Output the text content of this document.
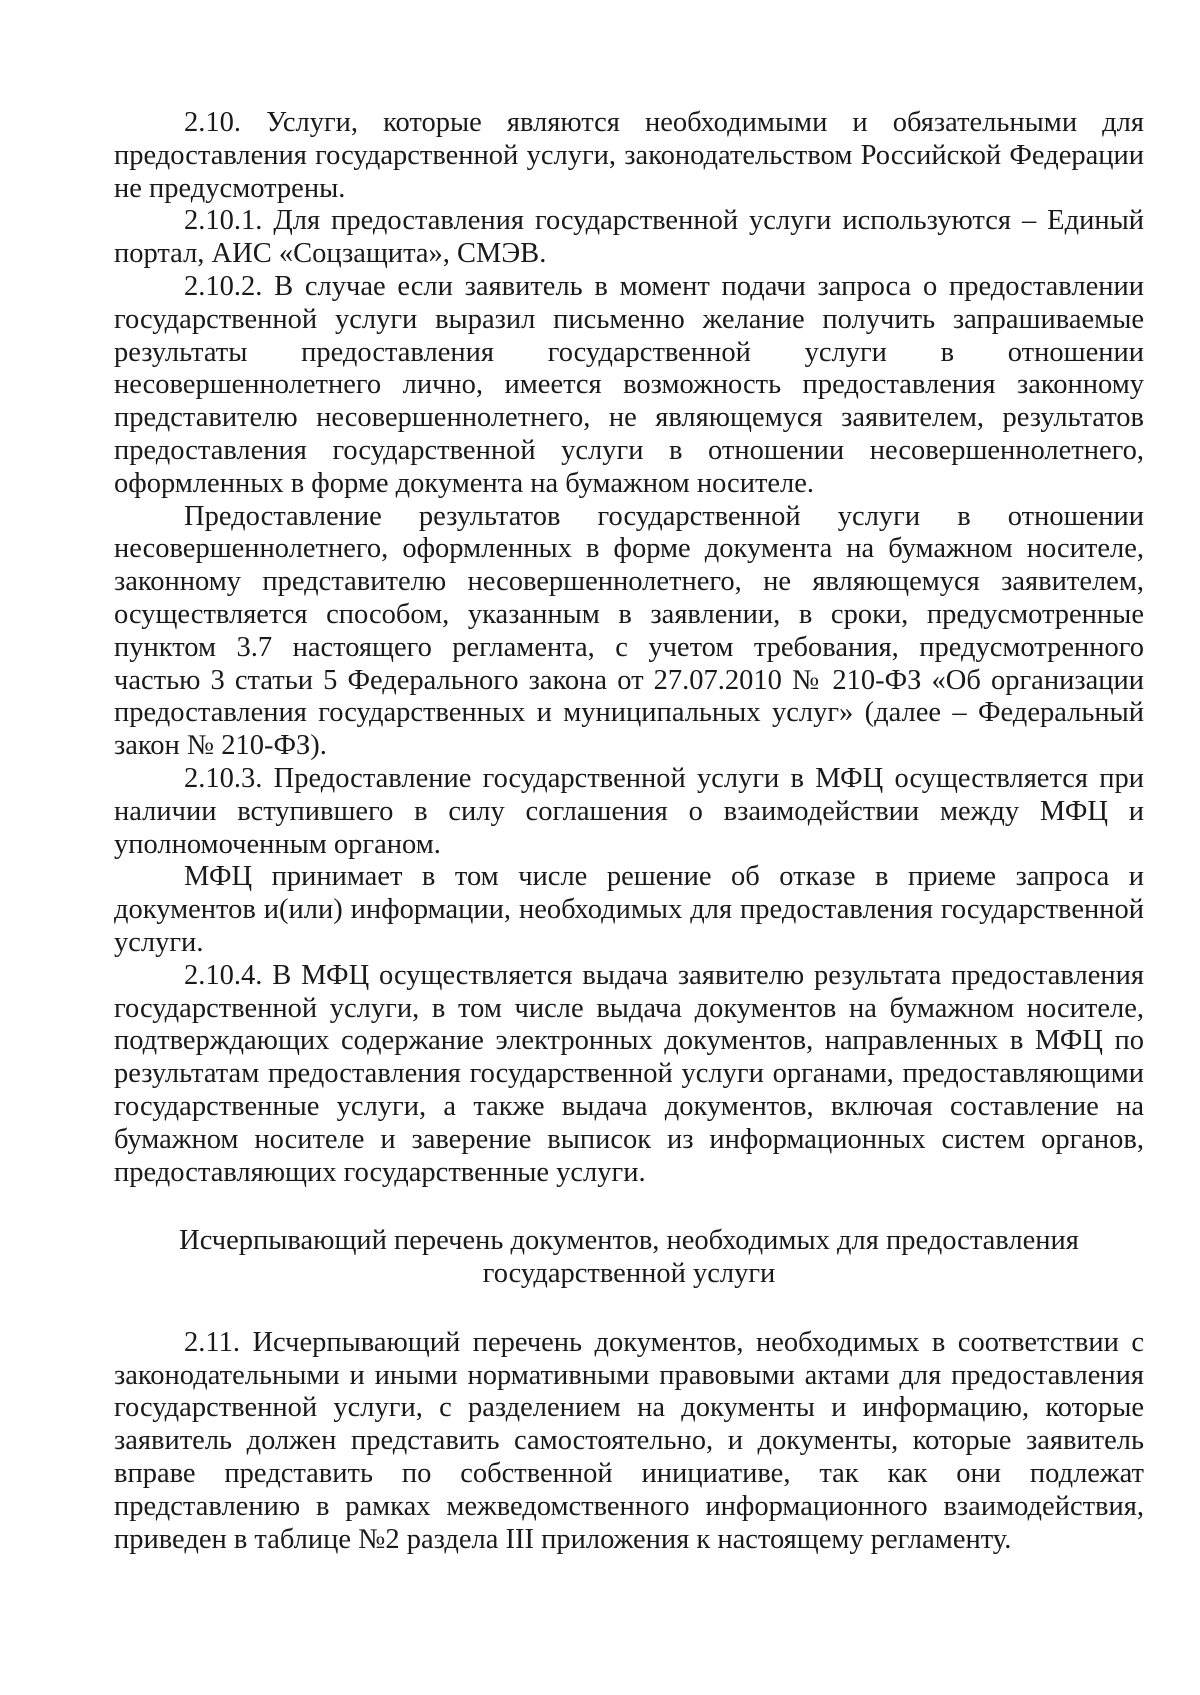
2.10. Услуги, которые являются необходимыми и обязательными для предоставления государственной услуги, законодательством Российской Федерации не предусмотрены.

2.10.1. Для предоставления государственной услуги используются – Единый портал, АИС «Соцзащита», СМЭВ.

2.10.2. В случае если заявитель в момент подачи запроса о предоставлении государственной услуги выразил письменно желание получить запрашиваемые результаты предоставления государственной услуги в отношении несовершеннолетнего лично, имеется возможность предоставления законному представителю несовершеннолетнего, не являющемуся заявителем, результатов предоставления государственной услуги в отношении несовершеннолетнего, оформленных в форме документа на бумажном носителе.

Предоставление результатов государственной услуги в отношении несовершеннолетнего, оформленных в форме документа на бумажном носителе, законному представителю несовершеннолетнего, не являющемуся заявителем, осуществляется способом, указанным в заявлении, в сроки, предусмотренные пунктом 3.7 настоящего регламента, с учетом требования, предусмотренного частью 3 статьи 5 Федерального закона от 27.07.2010 № 210-ФЗ «Об организации предоставления государственных и муниципальных услуг» (далее – Федеральный закон № 210-ФЗ).

2.10.3. Предоставление государственной услуги в МФЦ осуществляется при наличии вступившего в силу соглашения о взаимодействии между МФЦ и уполномоченным органом.

МФЦ принимает в том числе решение об отказе в приеме запроса и документов и(или) информации, необходимых для предоставления государственной услуги.

2.10.4. В МФЦ осуществляется выдача заявителю результата предоставления государственной услуги, в том числе выдача документов на бумажном носителе, подтверждающих содержание электронных документов, направленных в МФЦ по результатам предоставления государственной услуги органами, предоставляющими государственные услуги, а также выдача документов, включая составление на бумажном носителе и заверение выписок из информационных систем органов, предоставляющих государственные услуги.

Исчерпывающий перечень документов, необходимых для предоставления государственной услуги

2.11. Исчерпывающий перечень документов, необходимых в соответствии с законодательными и иными нормативными правовыми актами для предоставления государственной услуги, с разделением на документы и информацию, которые заявитель должен представить самостоятельно, и документы, которые заявитель вправе представить по собственной инициативе, так как они подлежат представлению в рамках межведомственного информационного взаимодействия, приведен в таблице №2 раздела III приложения к настоящему регламенту.
